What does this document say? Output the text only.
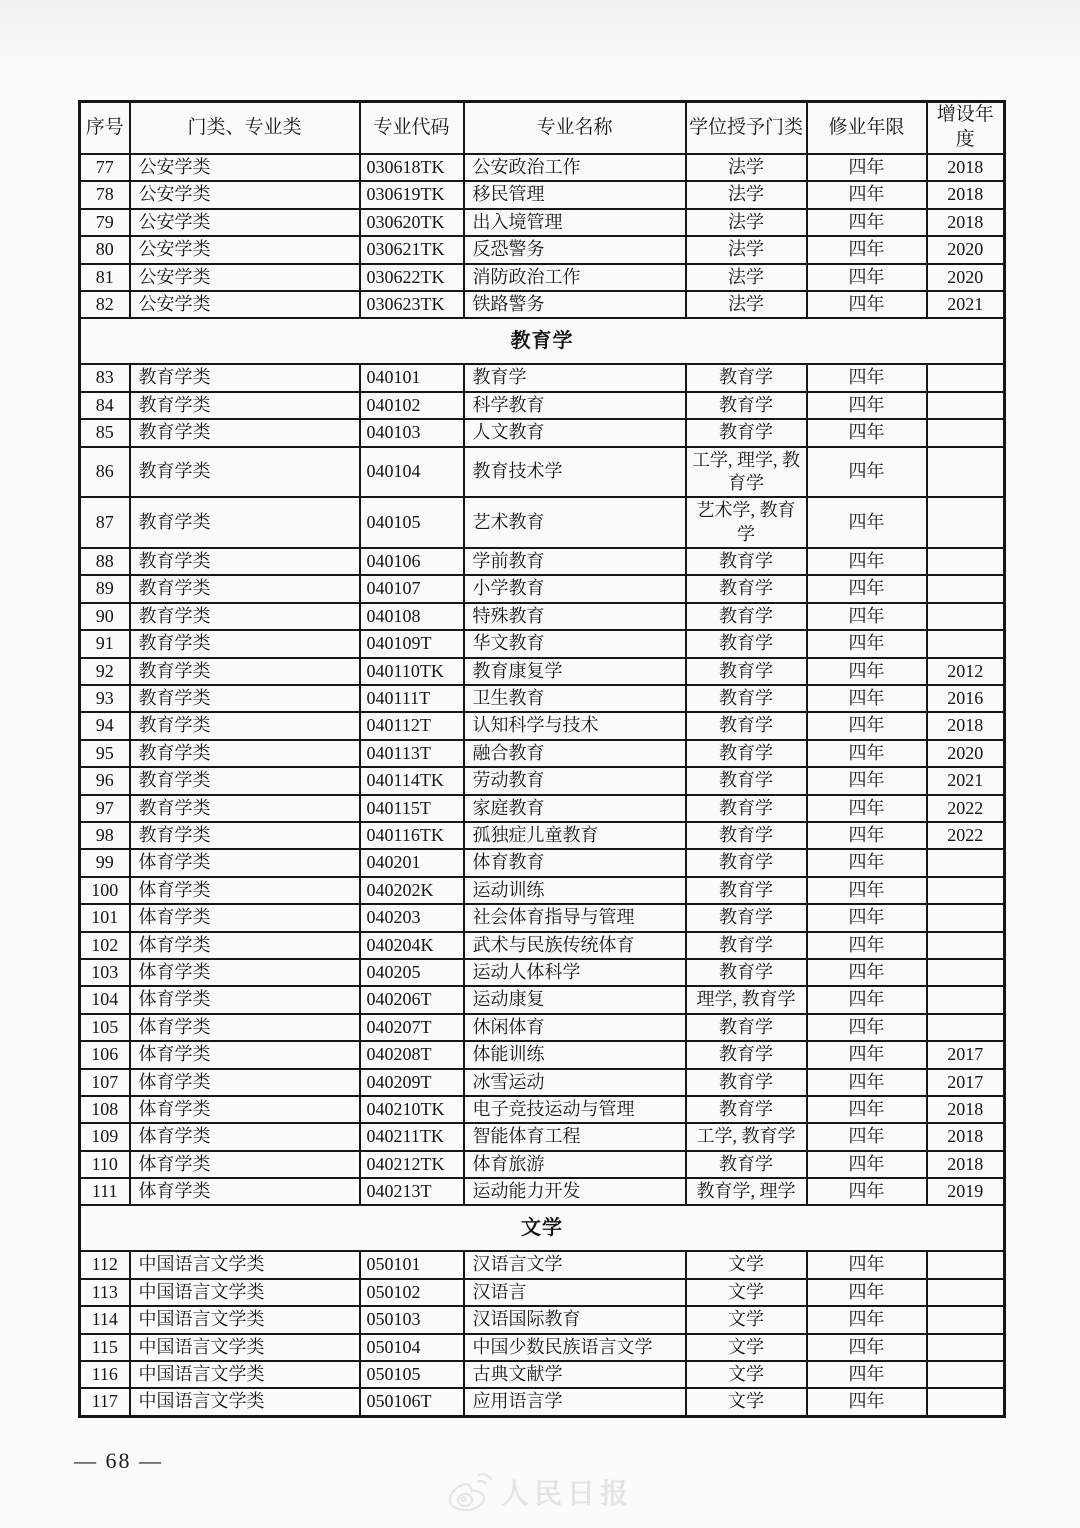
序号	门类、专业类	专业代码	专业名称	学位授予门类	修业年限	增设年度
77	公安学类	030618TK	公安政治工作	法学	四年	2018
78	公安学类	030619TK	移民管理	法学	四年	2018
79	公安学类	030620TK	出入境管理	法学	四年	2018
80	公安学类	030621TK	反恐警务	法学	四年	2020
81	公安学类	030622TK	消防政治工作	法学	四年	2020
82	公安学类	030623TK	铁路警务	法学	四年	2021
教育学						
83	教育学类	040101	教育学	教育学	四年	
84	教育学类	040102	科学教育	教育学	四年	
85	教育学类	040103	人文教育	教育学	四年	
86	教育学类	040104	教育技术学	工学, 理学, 教育学	四年	
87	教育学类	040105	艺术教育	艺术学, 教育学	四年	
88	教育学类	040106	学前教育	教育学	四年	
89	教育学类	040107	小学教育	教育学	四年	
90	教育学类	040108	特殊教育	教育学	四年	
91	教育学类	040109T	华文教育	教育学	四年	
92	教育学类	040110TK	教育康复学	教育学	四年	2012
93	教育学类	040111T	卫生教育	教育学	四年	2016
94	教育学类	040112T	认知科学与技术	教育学	四年	2018
95	教育学类	040113T	融合教育	教育学	四年	2020
96	教育学类	040114TK	劳动教育	教育学	四年	2021
97	教育学类	040115T	家庭教育	教育学	四年	2022
98	教育学类	040116TK	孤独症儿童教育	教育学	四年	2022
99	体育学类	040201	体育教育	教育学	四年	
100	体育学类	040202K	运动训练	教育学	四年	
101	体育学类	040203	社会体育指导与管理	教育学	四年	
102	体育学类	040204K	武术与民族传统体育	教育学	四年	
103	体育学类	040205	运动人体科学	教育学	四年	
104	体育学类	040206T	运动康复	理学, 教育学	四年	
105	体育学类	040207T	休闲体育	教育学	四年	
106	体育学类	040208T	体能训练	教育学	四年	2017
107	体育学类	040209T	冰雪运动	教育学	四年	2017
108	体育学类	040210TK	电子竞技运动与管理	教育学	四年	2018
109	体育学类	040211TK	智能体育工程	工学, 教育学	四年	2018
110	体育学类	040212TK	体育旅游	教育学	四年	2018
111	体育学类	040213T	运动能力开发	教育学, 理学	四年	2019
文学						
112	中国语言文学类	050101	汉语言文学	文学	四年	
113	中国语言文学类	050102	汉语言	文学	四年	
114	中国语言文学类	050103	汉语国际教育	文学	四年	
115	中国语言文学类	050104	中国少数民族语言文学	文学	四年	
116	中国语言文学类	050105	古典文献学	文学	四年	
117	中国语言文学类	050106T	应用语言学	文学	四年	
— 68 —
人民日报
